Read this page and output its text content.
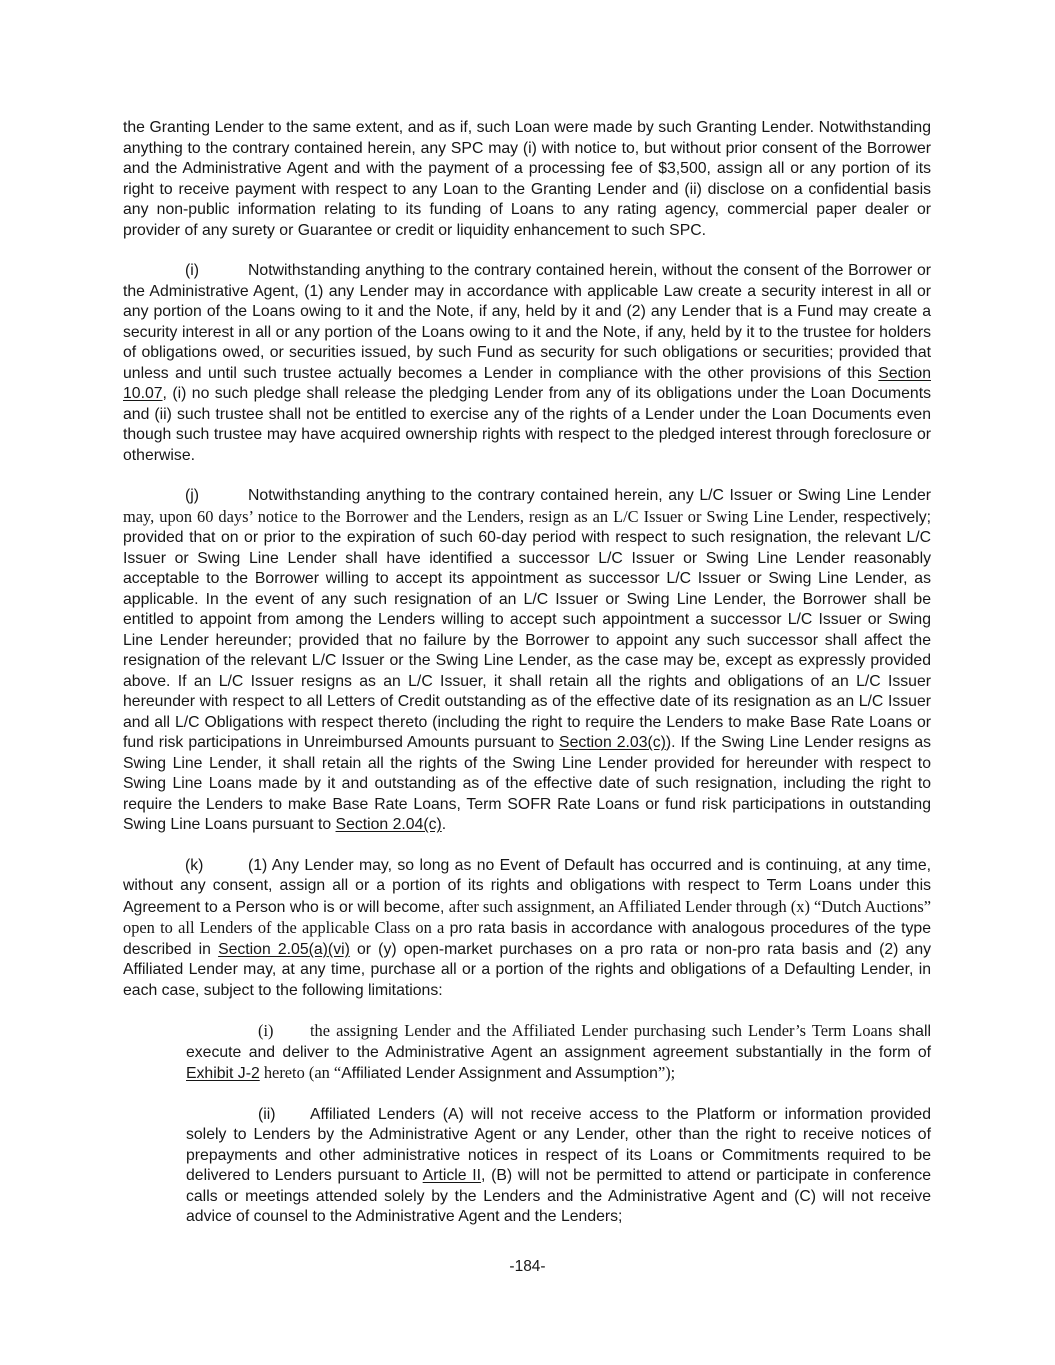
the Granting Lender to the same extent, and as if, such Loan were made by such Granting Lender. Notwithstanding anything to the contrary contained herein, any SPC may (i) with notice to, but without prior consent of the Borrower and the Administrative Agent and with the payment of a processing fee of $3,500, assign all or any portion of its right to receive payment with respect to any Loan to the Granting Lender and (ii) disclose on a confidential basis any non-public information relating to its funding of Loans to any rating agency, commercial paper dealer or provider of any surety or Guarantee or credit or liquidity enhancement to such SPC.

(i)	Notwithstanding anything to the contrary contained herein, without the consent of the Borrower or the Administrative Agent, (1) any Lender may in accordance with applicable Law create a security interest in all or any portion of the Loans owing to it and the Note, if any, held by it and (2) any Lender that is a Fund may create a security interest in all or any portion of the Loans owing to it and the Note, if any, held by it to the trustee for holders of obligations owed, or securities issued, by such Fund as security for such obligations or securities; provided that unless and until such trustee actually becomes a Lender in compliance with the other provisions of this Section 10.07, (i) no such pledge shall release the pledging Lender from any of its obligations under the Loan Documents and (ii) such trustee shall not be entitled to exercise any of the rights of a Lender under the Loan Documents even though such trustee may have acquired ownership rights with respect to the pledged interest through foreclosure or otherwise.

(j)	Notwithstanding anything to the contrary contained herein, any L/C Issuer or Swing Line Lender may, upon 60 days’ notice to the Borrower and the Lenders, resign as an L/C Issuer or Swing Line Lender, respectively; provided that on or prior to the expiration of such 60-day period with respect to such resignation, the relevant L/C Issuer or Swing Line Lender shall have identified a successor L/C Issuer or Swing Line Lender reasonably acceptable to the Borrower willing to accept its appointment as successor L/C Issuer or Swing Line Lender, as applicable. In the event of any such resignation of an L/C Issuer or Swing Line Lender, the Borrower shall be entitled to appoint from among the Lenders willing to accept such appointment a successor L/C Issuer or Swing Line Lender hereunder; provided that no failure by the Borrower to appoint any such successor shall affect the resignation of the relevant L/C Issuer or the Swing Line Lender, as the case may be, except as expressly provided above. If an L/C Issuer resigns as an L/C Issuer, it shall retain all the rights and obligations of an L/C Issuer hereunder with respect to all Letters of Credit outstanding as of the effective date of its resignation as an L/C Issuer and all L/C Obligations with respect thereto (including the right to require the Lenders to make Base Rate Loans or fund risk participations in Unreimbursed Amounts pursuant to Section 2.03(c)). If the Swing Line Lender resigns as Swing Line Lender, it shall retain all the rights of the Swing Line Lender provided for hereunder with respect to Swing Line Loans made by it and outstanding as of the effective date of such resignation, including the right to require the Lenders to make Base Rate Loans, Term SOFR Rate Loans or fund risk participations in outstanding Swing Line Loans pursuant to Section 2.04(c).

(k)	(1) Any Lender may, so long as no Event of Default has occurred and is continuing, at any time, without any consent, assign all or a portion of its rights and obligations with respect to Term Loans under this Agreement to a Person who is or will become, after such assignment, an Affiliated Lender through (x) “Dutch Auctions” open to all Lenders of the applicable Class on a pro rata basis in accordance with analogous procedures of the type described in Section 2.05(a)(vi) or (y) open-market purchases on a pro rata or non-pro rata basis and (2) any Affiliated Lender may, at any time, purchase all or a portion of the rights and obligations of a Defaulting Lender, in each case, subject to the following limitations:

(i) the assigning Lender and the Affiliated Lender purchasing such Lender’s Term Loans shall execute and deliver to the Administrative Agent an assignment agreement substantially in the form of Exhibit J-2 hereto (an “Affiliated Lender Assignment and Assumption”);

(ii) Affiliated Lenders (A) will not receive access to the Platform or information provided solely to Lenders by the Administrative Agent or any Lender, other than the right to receive notices of prepayments and other administrative notices in respect of its Loans or Commitments required to be delivered to Lenders pursuant to Article II, (B) will not be permitted to attend or participate in conference calls or meetings attended solely by the Lenders and the Administrative Agent and (C) will not receive advice of counsel to the Administrative Agent and the Lenders;

-184-
